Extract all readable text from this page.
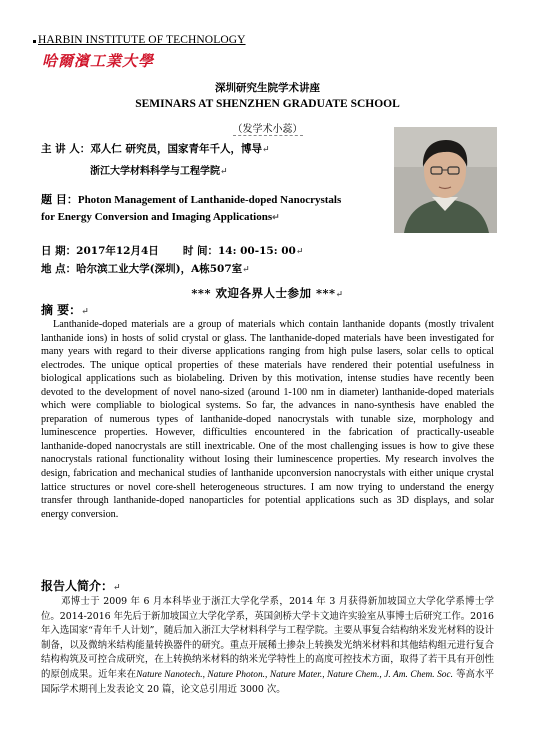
HARBIN INSTITUTE OF TECHNOLOGY
哈爾濱工業大學
深圳研究生院学术讲座
SEMINARS AT SHENZHEN GRADUATE SCHOOL
（发学术小蕊）
主 讲 人：邓人仁 研究员，国家青年千人，博导↵
浙江大学材料科学与工程学院↵
题 目：Photon Management of Lanthanide-doped Nanocrystals
for Energy Conversion and Imaging Applications↵
日 期：2017年12月4日 时 间：14: 00-15: 00↵
地 点：哈尔滨工业大学(深圳)，A栋507室↵
*** 欢迎各界人士参加 ***↵
摘 要：↵

Lanthanide-doped materials are a group of materials which contain lanthanide dopants (mostly trivalent lanthanide ions) in hosts of solid crystal or glass. The lanthanide-doped materials have been investigated for many years with regard to their diverse applications ranging from high pulse lasers, solar cells to optical electrodes. The unique optical properties of these materials have rendered their potential usefulness in biological applications such as biolabeling. Driven by this motivation, intense studies have recently been devoted to the development of novel nano-sized (around 1-100 nm in diameter) lanthanide-doped materials which were compliable to biological systems. So far, the advances in nano-synthesis have enabled the preparation of numerous types of lanthanide-doped nanocrystals with tunable size, morphology and luminescence properties. However, difficulties encountered in the fabrication of practically-useable lanthanide-doped nanocrystals are still inextricable. One of the most challenging issues is how to give these nanocrystals rational functionality without losing their luminescence properties. My research involves the design, fabrication and mechanical studies of lanthanide upconversion nanocrystals with either unique crystal lattice structures or novel core-shell heterogeneous structures. I am now trying to understand the energy transfer through lanthanide-doped nanoparticles for potential applications such as 3D displays, and solar energy conversion.

报告人简介：↵

邓博士于 2009 年 6 月本科毕业于浙江大学化学系，2014 年 3 月获得新加坡国立大学化学系博士学位。2014-2016 年先后于新加坡国立大学化学系，英国剑桥大学卡文迪许实验室从事博士后研究工作。2016 年入选国家“青年千人计划”，随后加入浙江大学材料科学与工程学院。主要从事复合结构纳米发光材料的设计制备，以及微纳米结构能量转换器件的研究。重点开展稀土掺杂上转换发光纳米材料和其他结构组元进行复合结构构筑及可控合成研究，在上转换纳米材料的纳米光学特性上的高度可控技术方面，取得了若干具有开创性的原创成果。近年来在Nature Nanotech., Nature Photon., Nature Mater., Nature Chem., J. Am. Chem. Soc. 等高水平国际学术期刊上发表论文 20 篇，论文总引用近 3000 次。
